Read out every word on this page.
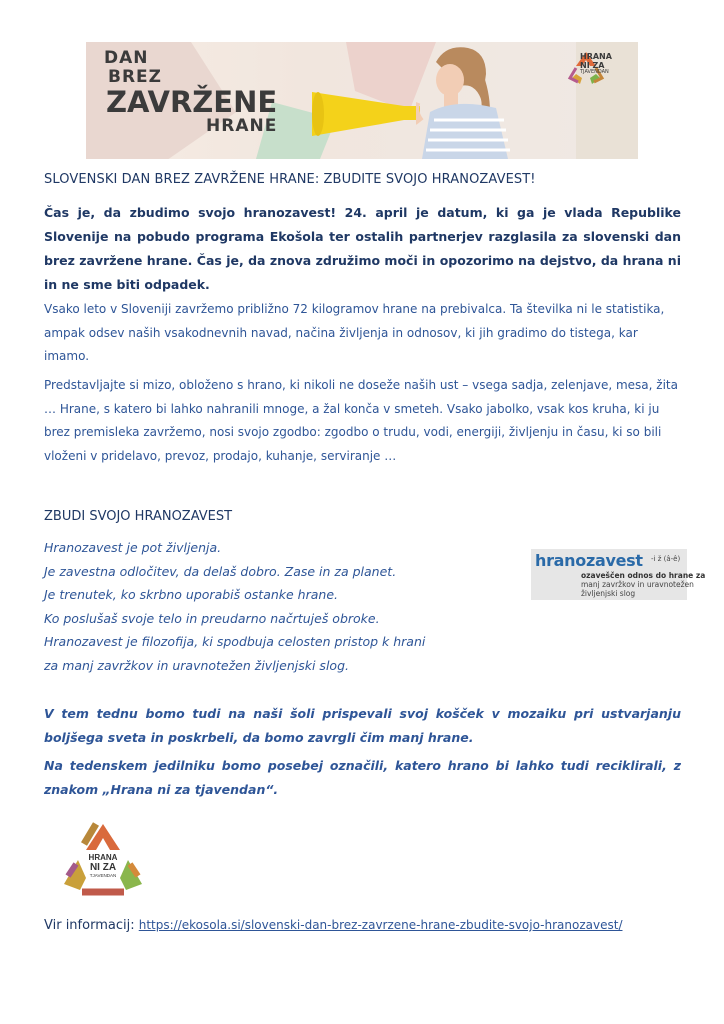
DAN
BREZ
ZAVRŽENE
HRANE
HRANA
NI ZA
TJAVENDAN

SLOVENSKI DAN BREZ ZAVRŽENE HRANE: ZBUDITE SVOJO HRANOZAVEST!

Čas je, da zbudimo svojo hranozavest! 24. april je datum, ki ga je vlada Republike Slovenije na pobudo programa Ekošola ter ostalih partnerjev razglasila za slovenski dan brez zavržene hrane. Čas je, da znova združimo moči in opozorimo na dejstvo, da hrana ni in ne sme biti odpadek.

Vsako leto v Sloveniji zavržemo približno 72 kilogramov hrane na prebivalca. Ta številka ni le statistika, ampak odsev naših vsakodnevnih navad, načina življenja in odnosov, ki jih gradimo do tistega, kar imamo.

Predstavljajte si mizo, obloženo s hrano, ki nikoli ne doseže naših ust – vsega sadja, zelenjave, mesa, žita … Hrane, s katero bi lahko nahranili mnoge, a žal konča v smeteh. Vsako jabolko, vsak kos kruha, ki ju brez premisleka zavržemo, nosi svojo zgodbo: zgodbo o trudu, vodi, energiji, življenju in času, ki so bili vloženi v pridelavo, prevoz, prodajo, kuhanje, serviranje …

ZBUDI SVOJO HRANOZAVEST

Hranozavest je pot življenja.
Je zavestna odločitev, da delaš dobro. Zase in za planet.
Je trenutek, ko skrbno uporabiš ostanke hrane.
Ko poslušaš svoje telo in preudarno načrtuješ obroke.
Hranozavest je filozofija, ki spodbuja celosten pristop k hrani
za manj zavržkov in uravnotežen življenjski slog.
hranozavest -i ž (â-ê)
ozaveščen odnos do hrane za
manj zavržkov in uravnotežen
življenjski slog

V tem tednu bomo tudi na naši šoli prispevali svoj košček v mozaiku pri ustvarjanju boljšega sveta in poskrbeli, da bomo zavrgli čim manj hrane.

Na tedenskem jedilniku bomo posebej označili, katero hrano bi lahko tudi reciklirali, z znakom „Hrana ni za tjavendan“.

HRANA
NI ZA
TJAVENDAN

Vir informacij: https://ekosola.si/slovenski-dan-brez-zavrzene-hrane-zbudite-svojo-hranozavest/
